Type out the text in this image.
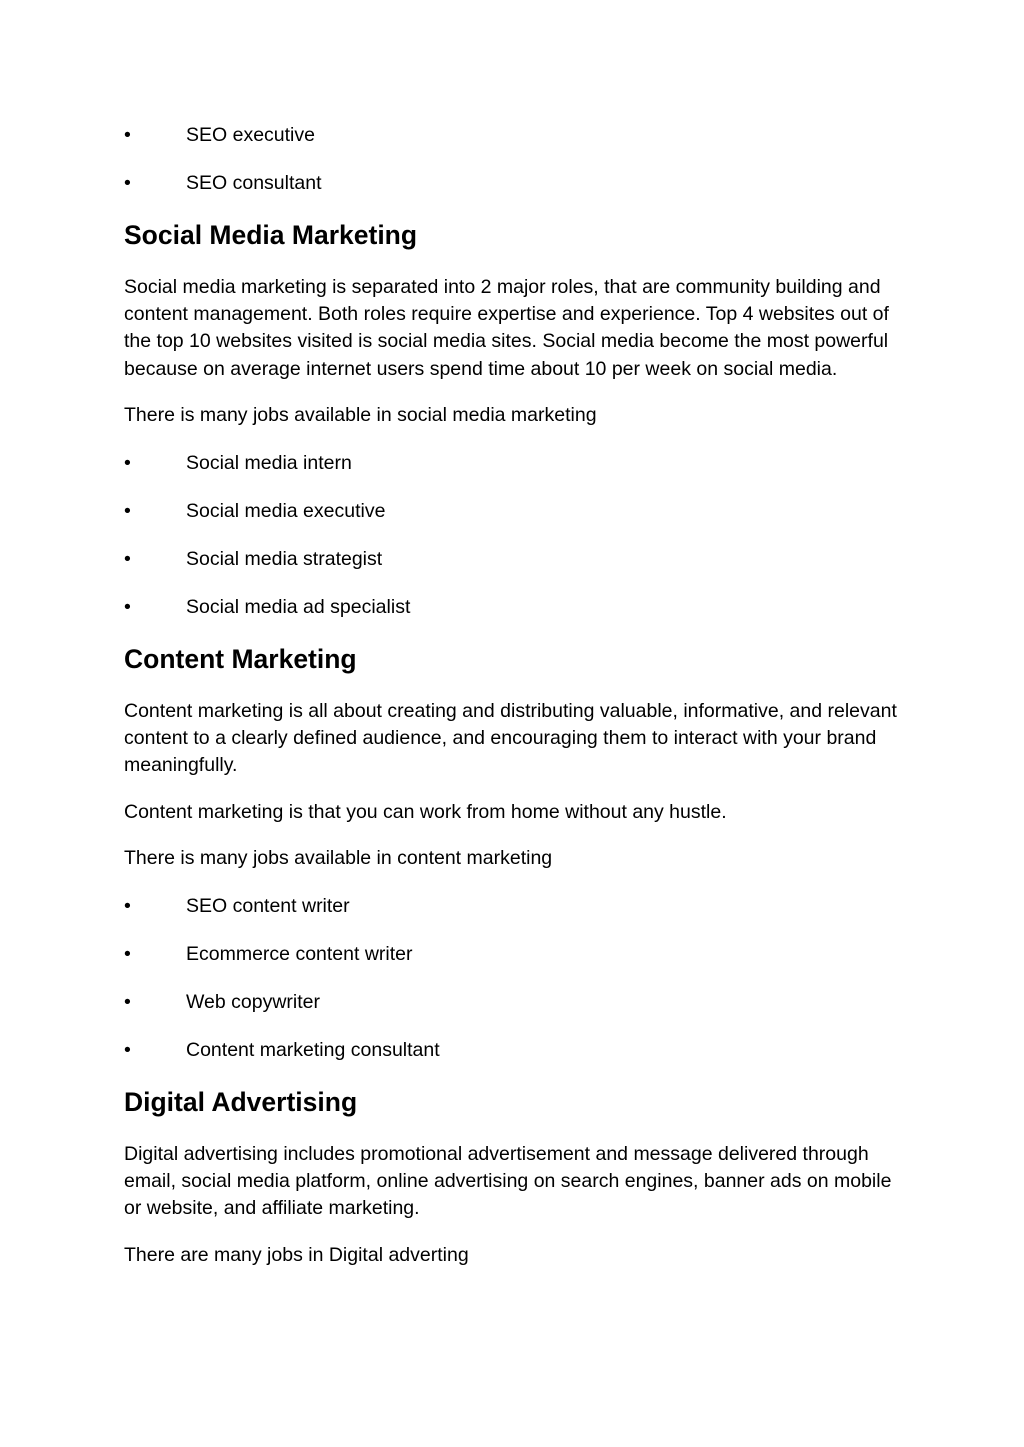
•	SEO executive
•	SEO consultant
Social Media Marketing

Social media marketing is separated into 2 major roles, that are community building and content management. Both roles require expertise and experience. Top 4 websites out of the top 10 websites visited is social media sites. Social media become the most powerful because on average internet users spend time about 10 per week on social media.

There is many jobs available in social media marketing

•	Social media intern
•	Social media executive
•	Social media strategist
•	Social media ad specialist
Content Marketing

Content marketing is all about creating and distributing valuable, informative, and relevant content to a clearly defined audience, and encouraging them to interact with your brand meaningfully.

Content marketing is that you can work from home without any hustle.

There is many jobs available in content marketing

•	SEO content writer
•	Ecommerce content writer
•	Web copywriter
•	Content marketing consultant
Digital Advertising

Digital advertising includes promotional advertisement and message delivered through email, social media platform, online advertising on search engines, banner ads on mobile or website, and affiliate marketing.

There are many jobs in Digital adverting
